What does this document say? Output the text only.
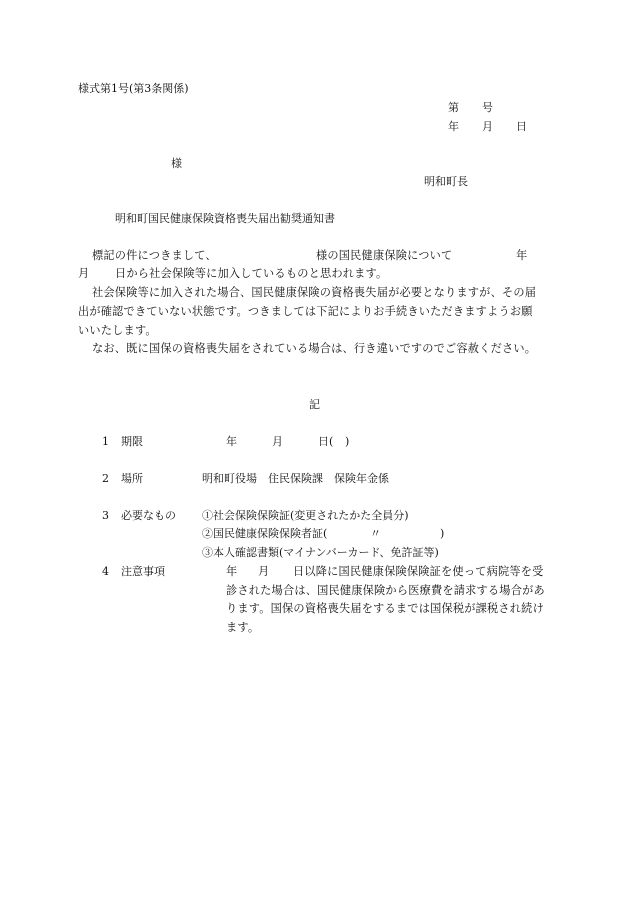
様式第1号(第3条関係)
第 号
年 月 日
様
明和町長
明和町国民健康保険資格喪失届出勧奨通知書
標記の件につきまして、	様の国民健康保険について	年
月 日から社会保険等に加入しているものと思われます。
社会保険等に加入された場合、国民健康保険の資格喪失届が必要となりますが、その届
出が確認できていない状態です。つきましては下記によりお手続きいただきますようお願
いいたします。
なお、既に国保の資格喪失届をされている場合は、行き違いですのでご容赦ください。
記
1 期限	年	月	日( )
2 場所	明和町役場　住民保険課　保険年金係
3 必要なもの ①社会保険保険証(変更されたかた全員分)
②国民健康保険保険者証(	〃	)
③本人確認書類(マイナンバーカード、免許証等)
4 注意事項	年 月 日以降に国民健康保険保険証を使って病院等を受
診された場合は、国民健康保険から医療費を請求する場合があ
ります。国保の資格喪失届をするまでは国保税が課税され続け
ます。
